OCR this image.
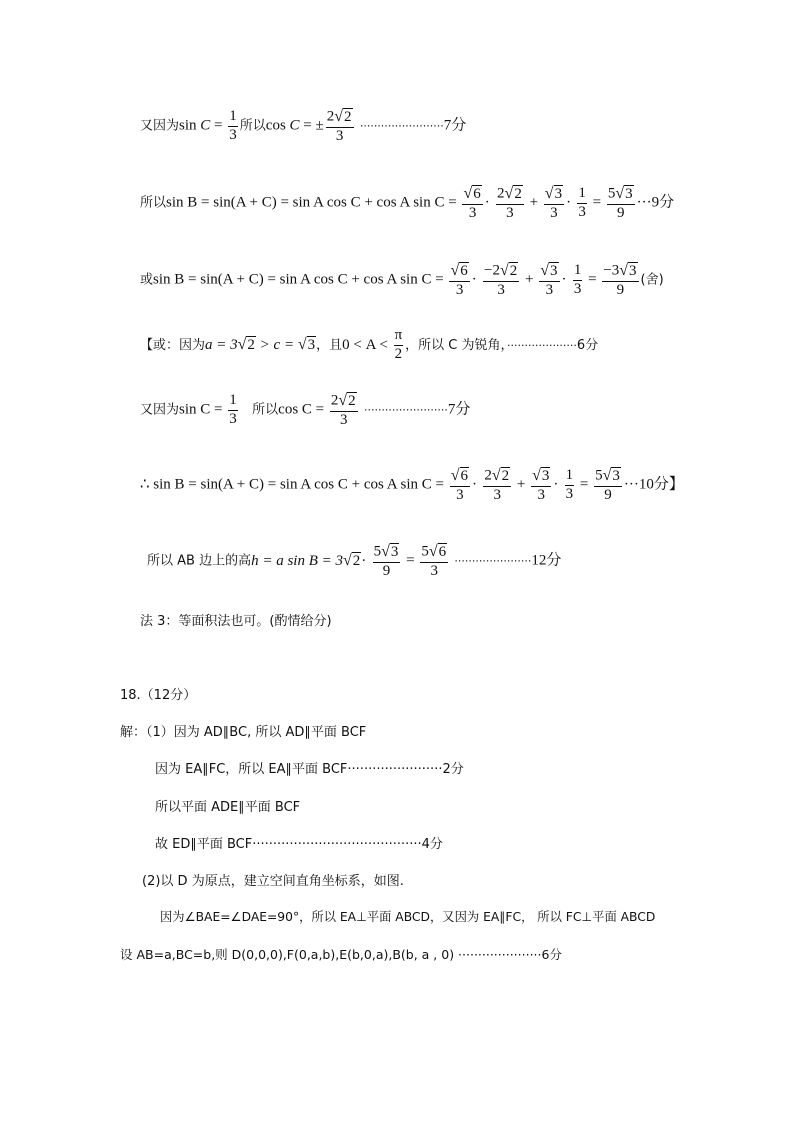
又因为$\sin C = \frac{1}{3}$ 所以cos C = ± $\frac{2 √ 2}{3} \cdot\cdot\cdot\cdot\cdot\cdot\cdot\cdot\cdot\cdot\cdot\cdot\cdot\cdot\cdot\cdot\cdot\cdot\cdot\cdot\cdot\cdot\cdot\cdot 7$分
所以sin B = sin(A + C) = sin A cos C + cos A $\sin C = \frac{√ 6}{3} \cdot \frac{2 √ 2}{3} + \frac{√ 3}{3} \cdot \frac{1}{3} = \frac{5 √ 3}{9} \cdot\cdot\cdot 9$分
或sin B = sin(A + C) = sin A cos C + cos A $\sin C = \frac{√ 6}{3} \cdot \frac{-2 √ 2}{3} + \frac{√ 3}{3} \cdot \frac{1}{3} = \frac{-3 √ 3}{9}$ (舍)
【或：因为a = 3 √ 2 > c = √ 3 ，且$0 < A < \frac{\pi}{2}$ ，所以 C 为锐角，····················6分
又因为$\sin C = \frac{1}{3}$ 所以$\cos C = \frac{2 √ 2}{3} \cdot\cdot\cdot\cdot\cdot\cdot\cdot\cdot\cdot\cdot\cdot\cdot\cdot\cdot\cdot\cdot\cdot\cdot\cdot\cdot\cdot\cdot\cdot\cdot 7$分
∴ sin B = sin(A + C) = sin A cos C + cos A $\sin C = \frac{√ 6}{3} \cdot \frac{2 √ 2}{3} + \frac{√ 3}{3} \cdot \frac{1}{3} = \frac{5 √ 3}{9} \cdot\cdot\cdot 10$分】
所以 AB 边上的高h = a sin B = 3 √ $2 \cdot \frac{5 √ 3}{9} = \frac{5 √ 6}{3} \cdot\cdot\cdot\cdot\cdot\cdot\cdot\cdot\cdot\cdot\cdot\cdot\cdot\cdot\cdot\cdot\cdot\cdot\cdot\cdot\cdot\cdot 12$分
法 3：等面积法也可。(酌情给分)
18.（12分）
解：（1）因为 AD∥BC, 所以 AD∥平面 BCF
因为 EA∥FC，所以 EA∥平面 BCF·······················2分
所以平面 ADE∥平面 BCF
故 ED∥平面 BCF·········································4分
(2)以 D 为原点，建立空间直角坐标系，如图.
因为∠BAE=∠DAE=90°，所以 EA⊥平面 ABCD，又因为 EA∥FC， 所以 FC⊥平面 ABCD
设 AB=a,BC=b,则 D(0,0,0),F(0,a,b),E(b,0,a),B(b, a , 0) ·····················6分
